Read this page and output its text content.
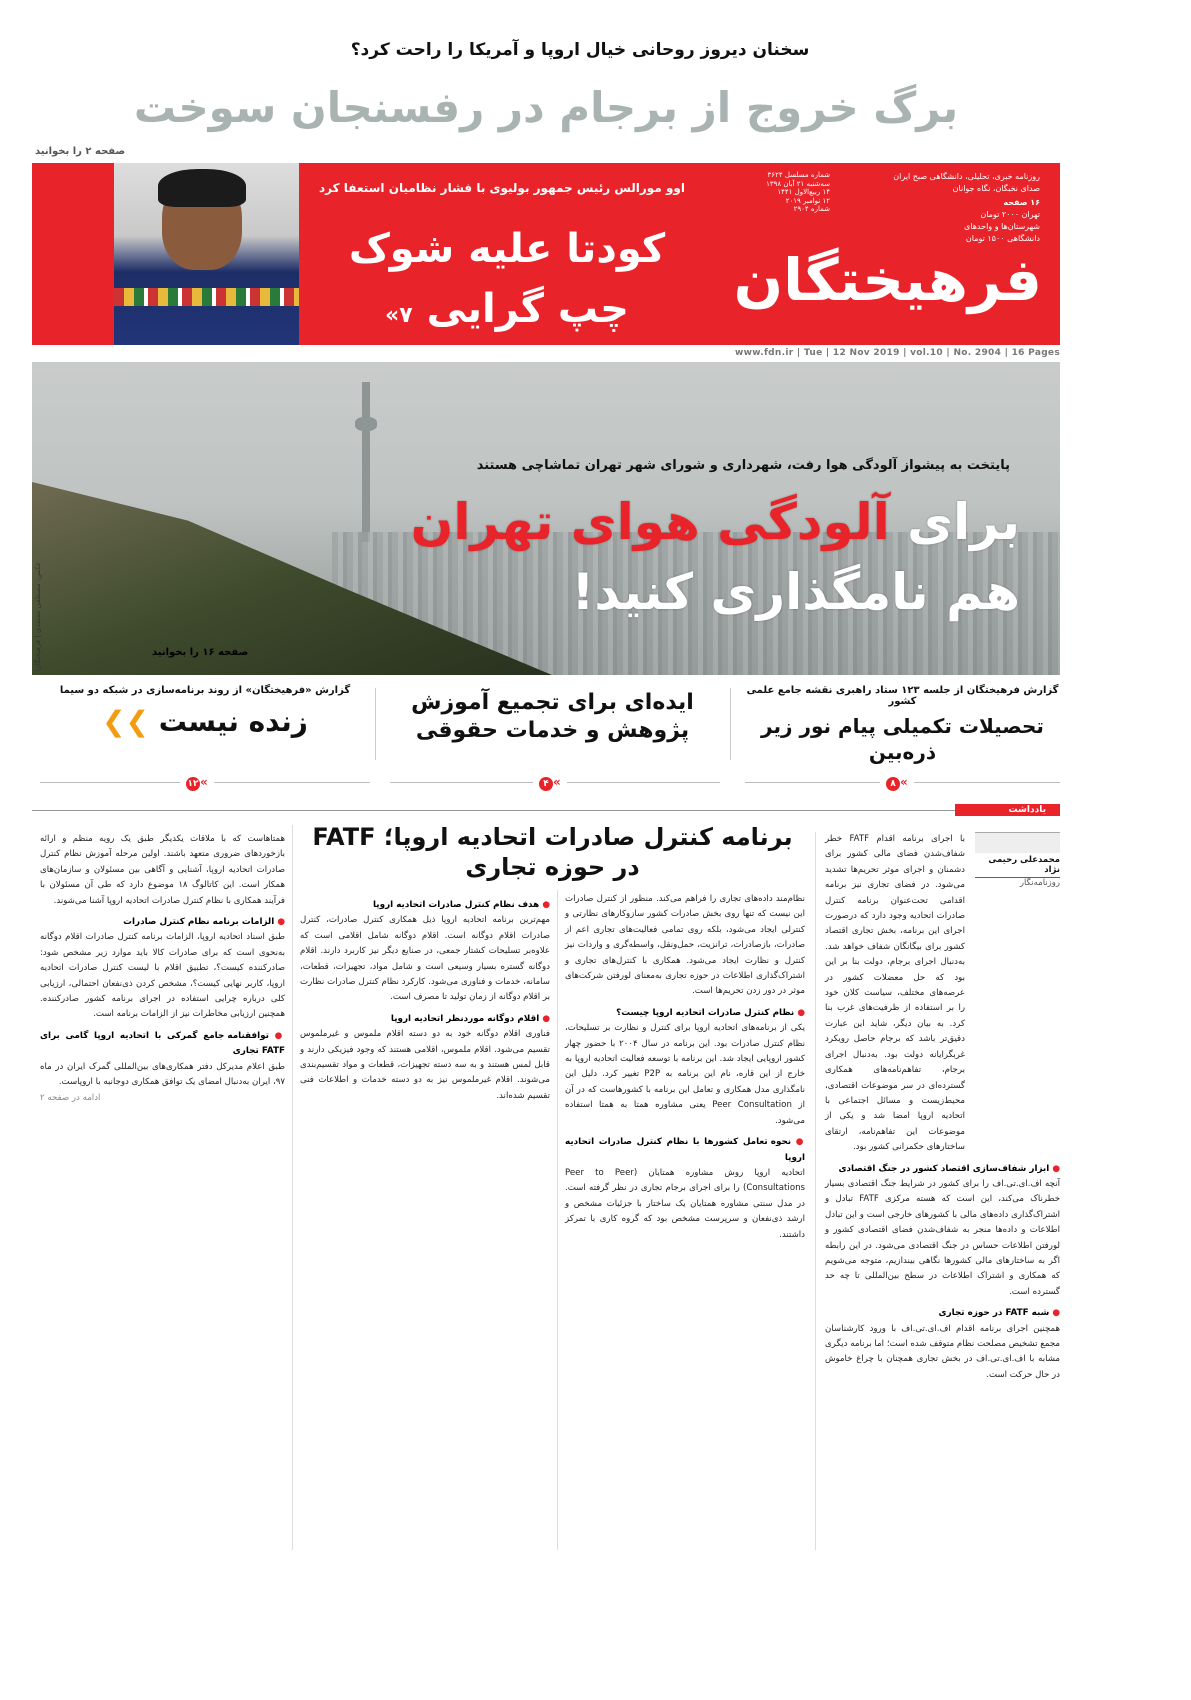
سخنان دیروز روحانی خیال اروپا و آمریکا را راحت کرد؟
برگ خروج از برجام در رفسنجان سوخت
صفحه ۲ را بخوانید
فرهیختگان
روزنامه خبری، تحلیلی، دانشگاهی صبح ایران
صدای نخبگان، نگاه جوانان
۱۶ صفحه
تهران ۲۰۰۰ تومان
شهرستان‌ها و واحدهای
دانشگاهی ۱۵۰۰ تومان
شماره مسلسل ۳۶۲۴
سه‌شنبه ۲۱ آبان ۱۳۹۸
۱۴ ربیع‌الاول ۱۴۴۱
۱۲ نوامبر ۲۰۱۹
شماره ۲۹۰۴
اوو مورالس رئیس جمهور بولیوی با فشار نظامیان استعفا کرد
کودتا علیه شوک
چپ گرایی ۷»
www.fdn.ir | Tue | 12 Nov 2019 | vol.10 | No. 2904 | 16 Pages
پایتخت به پیشواز آلودگی هوا رفت، شهرداری و شورای شهر تهران تماشاچی هستند
برای آلودگی هوای تهران
هم نامگذاری کنید!
صفحه ۱۶ را بخوانید
عکس: مصطفی معتمدی | فرهیختگان
گزارش فرهیختگان از جلسه ۱۲۳ ستاد راهبری نقشه جامع علمی کشور
تحصیلات تکمیلی پیام نور زیر ذره‌بین
ایده‌ای برای تجمیع آموزش پژوهش و خدمات حقوقی
گزارش «فرهیختگان» از روند برنامه‌سازی در شبکه دو سیما
زنده نیست ❯❯
۸ «
۴ «
۱۲ «
یادداشت
محمدعلی رحیمی نژاد
روزنامه‌نگار
برنامه کنترل صادرات اتحادیه اروپا؛ FATF در حوزه تجاری

با اجرای برنامه اقدام FATF خطر شفاف‌شدن فضای مالی کشور برای دشمنان و اجرای موثر تحریم‌ها تشدید می‌شود. در فضای تجاری نیز برنامه اقدامی تحت‌عنوان برنامه کنترل صادرات اتحادیه وجود دارد که درصورت اجرای این برنامه، بخش تجاری اقتصاد کشور برای بیگانگان شفاف خواهد شد. به‌دنبال اجرای برجام، دولت بنا بر این بود که حل معضلات کشور در عرصه‌های مختلف، سیاست کلان خود را بر استفاده از ظرفیت‌های غرب بنا کرد. به بیان دیگر، شاید این عبارت دقیق‌تر باشد که برجام حاصل رویکرد غربگرایانه دولت بود. به‌دنبال اجرای برجام، تفاهم‌نامه‌های همکاری گسترده‌ای در سر موضوعات اقتصادی، محیط‌زیست و مسائل اجتماعی با اتحادیه اروپا امضا شد و یکی از موضوعات این تفاهم‌نامه، ارتقای ساختارهای حکمرانی کشور بود.

● ابزار شفاف‌سازی اقتصاد کشور در جنگ اقتصادی

آنچه اف.ای.تی.اف را برای کشور در شرایط جنگ اقتصادی بسیار خطرناک می‌کند، این است که هسته مرکزی FATF تبادل و اشتراک‌گذاری داده‌های مالی با کشورهای خارجی است و این تبادل اطلاعات و داده‌ها منجر به شفاف‌شدن فضای اقتصادی کشور و لورفتن اطلاعات حساس در جنگ اقتصادی می‌شود. در این رابطه اگر به ساختارهای مالی کشورها نگاهی بیندازیم، متوجه می‌شویم که همکاری و اشتراک اطلاعات در سطح بین‌المللی تا چه حد گسترده است.

● شبه FATF در حوزه تجاری

همچنین اجرای برنامه اقدام اف.ای.تی.اف با ورود کارشناسان مجمع تشخیص مصلحت نظام متوقف شده است؛ اما برنامه دیگری مشابه با اف.ای.تی.اف در بخش تجاری همچنان با چراغ خاموش در حال حرکت است.

نظام‌مند داده‌های تجاری را فراهم می‌کند. منظور از کنترل صادرات این نیست که تنها روی بخش صادرات کشور سازوکارهای نظارتی و کنترلی ایجاد می‌شود، بلکه روی تمامی فعالیت‌های تجاری اعم از صادرات، بازصادرات، ترانزیت، حمل‌ونقل، واسطه‌گری و واردات نیز کنترل و نظارت ایجاد می‌شود. همکاری با کنترل‌های تجاری و اشتراک‌گذاری اطلاعات در حوزه تجاری به‌معنای لورفتن شرکت‌های موثر در دور زدن تحریم‌ها است.

● نظام کنترل صادرات اتحادیه اروپا چیست؟

یکی از برنامه‌های اتحادیه اروپا برای کنترل و نظارت بر تسلیحات، نظام کنترل صادرات بود. این برنامه در سال ۲۰۰۴ با حضور چهار کشور اروپایی ایجاد شد. این برنامه با توسعه فعالیت اتحادیه اروپا به خارج از این قاره، نام این برنامه به P2P تغییر کرد. دلیل این نامگذاری مدل همکاری و تعامل این برنامه با کشورهاست که در آن از Peer Consultation یعنی مشاوره همتا به همتا استفاده می‌شود.

● نحوه تعامل کشورها با نظام کنترل صادرات اتحادیه اروپا

اتحادیه اروپا روش مشاوره همتایان (Peer to Peer Consultations) را برای اجرای برجام تجاری در نظر گرفته است. در مدل سنتی مشاوره همتایان یک ساختار با جزئیات مشخص و ارشد ذی‌نفعان و سرپرست مشخص بود که گروه کاری با تمرکز داشتند.

● هدف نظام کنترل صادرات اتحادیه اروپا

مهم‌ترین برنامه اتحادیه اروپا ذیل همکاری کنترل صادرات، کنترل صادرات اقلام دوگانه است. اقلام دوگانه شامل اقلامی است که علاوه‌بر تسلیحات کشتار جمعی، در صنایع دیگر نیز کاربرد دارند. اقلام دوگانه گستره بسیار وسیعی است و شامل مواد، تجهیزات، قطعات، سامانه، خدمات و فناوری می‌شود. کارکرد نظام کنترل صادرات نظارت بر اقلام دوگانه از زمان تولید تا مصرف است.

● اقلام دوگانه موردنظر اتحادیه اروپا

فناوری اقلام دوگانه خود به دو دسته اقلام ملموس و غیرملموس تقسیم می‌شود. اقلام ملموس، اقلامی هستند که وجود فیزیکی دارند و قابل لمس هستند و به سه دسته تجهیزات، قطعات و مواد تقسیم‌بندی می‌شوند. اقلام غیرملموس نیز به دو دسته خدمات و اطلاعات فنی تقسیم شده‌اند.

همتا‌هاست که با ملاقات یکدیگر طبق یک رویه منظم و ارائه بازخوردهای ضروری متعهد باشند. اولین مرحله آموزش نظام کنترل صادرات اتحادیه اروپا، آشنایی و آگاهی بین مسئولان و سازمان‌های همکار است. این کاتالوگ ۱۸ موضوع دارد که طی آن مسئولان با فرآیند همکاری با نظام کنترل صادرات اتحادیه اروپا آشنا می‌شوند.

● الزامات برنامه نظام کنترل صادرات

طبق اسناد اتحادیه اروپا، الزامات برنامه کنترل صادرات اقلام دوگانه به‌نحوی است که برای صادرات کالا باید موارد زیر مشخص شود: صادرکننده کیست؟، تطبیق اقلام با لیست کنترل صادرات اتحادیه اروپا، کاربر نهایی کیست؟، مشخص کردن ذی‌نفعان احتمالی، ارزیابی کلی درباره چرایی استفاده در اجرای برنامه کشور صادرکننده. همچنین ارزیابی مخاطرات نیز از الزامات برنامه است.

● توافقنامه جامع گمرکی با اتحادیه اروپا گامی برای FATF تجاری

طبق اعلام مدیرکل دفتر همکاری‌های بین‌المللی گمرک ایران در ماه ۹۷، ایران به‌دنبال امضای یک توافق همکاری دوجانبه با اروپاست.

ادامه در صفحه ۲
